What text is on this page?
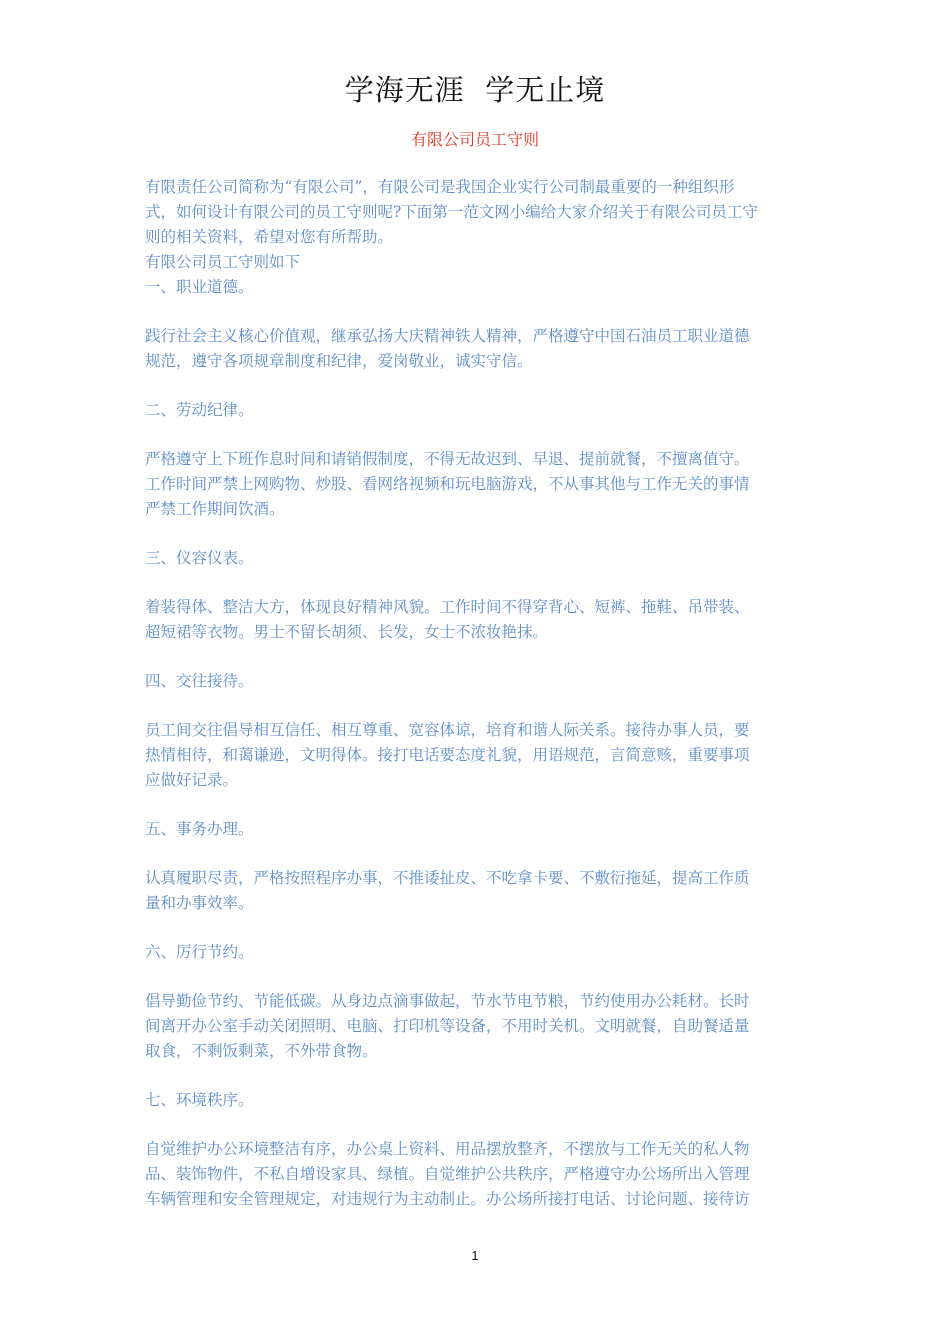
学海无涯  学无止境
有限公司员工守则

有限责任公司简称为“有限公司”，有限公司是我国企业实行公司制最重要的一种组织形
式，如何设计有限公司的员工守则呢?下面第一范文网小编给大家介绍关于有限公司员工守
则的相关资料，希望对您有所帮助。

有限公司员工守则如下

一、职业道德。

践行社会主义核心价值观，继承弘扬大庆精神铁人精神，严格遵守中国石油员工职业道德
规范，遵守各项规章制度和纪律，爱岗敬业，诚实守信。

二、劳动纪律。

严格遵守上下班作息时间和请销假制度，不得无故迟到、早退、提前就餐，不擅离值守。
工作时间严禁上网购物、炒股、看网络视频和玩电脑游戏，不从事其他与工作无关的事情
严禁工作期间饮酒。

三、仪容仪表。

着装得体、整洁大方，体现良好精神风貌。工作时间不得穿背心、短裤、拖鞋、吊带装、
超短裙等衣物。男士不留长胡须、长发，女士不浓妆艳抹。

四、交往接待。

员工间交往倡导相互信任、相互尊重、宽容体谅，培育和谐人际关系。接待办事人员，要
热情相待，和蔼谦逊，文明得体。接打电话要态度礼貌，用语规范，言简意赅，重要事项
应做好记录。

五、事务办理。

认真履职尽责，严格按照程序办事，不推诿扯皮、不吃拿卡要、不敷衍拖延，提高工作质
量和办事效率。

六、厉行节约。

倡导勤俭节约、节能低碳。从身边点滴事做起，节水节电节粮，节约使用办公耗材。长时
间离开办公室手动关闭照明、电脑、打印机等设备，不用时关机。文明就餐，自助餐适量
取食，不剩饭剩菜，不外带食物。

七、环境秩序。

自觉维护办公环境整洁有序，办公桌上资料、用品摆放整齐，不摆放与工作无关的私人物
品、装饰物件，不私自增设家具、绿植。自觉维护公共秩序，严格遵守办公场所出入管理
车辆管理和安全管理规定，对违规行为主动制止。办公场所接打电话、讨论问题、接待访

1
